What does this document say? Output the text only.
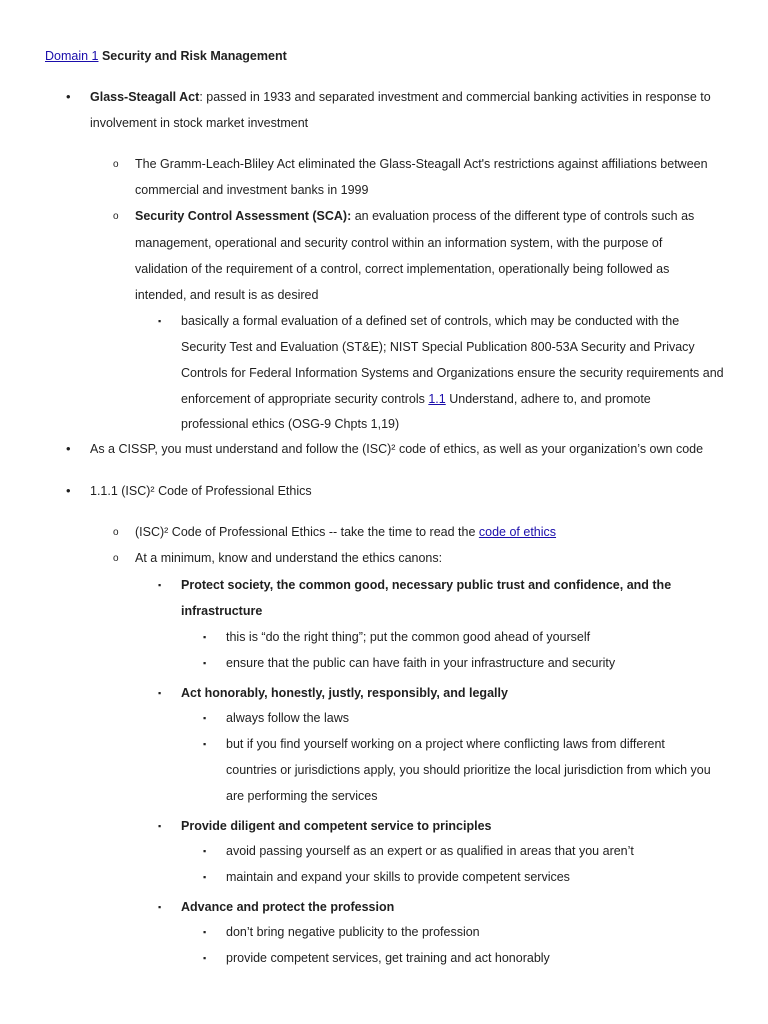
Domain 1 Security and Risk Management
• Glass-Steagall Act: passed in 1933 and separated investment and commercial banking activities in response to
involvement in stock market investment
o The Gramm-Leach-Bliley Act eliminated the Glass-Steagall Act's restrictions against affiliations between
commercial and investment banks in 1999
o Security Control Assessment (SCA): an evaluation process of the different type of controls such as
management, operational and security control within an information system, with the purpose of
validation of the requirement of a control, correct implementation, operationally being followed as
intended, and result is as desired
▪ basically a formal evaluation of a defined set of controls, which may be conducted with the
Security Test and Evaluation (ST&E); NIST Special Publication 800-53A Security and Privacy
Controls for Federal Information Systems and Organizations ensure the security requirements and
enforcement of appropriate security controls 1.1 Understand, adhere to, and promote
professional ethics (OSG-9 Chpts 1,19)
• As a CISSP, you must understand and follow the (ISC)² code of ethics, as well as your organization’s own code
• 1.1.1 (ISC)² Code of Professional Ethics
o (ISC)² Code of Professional Ethics -- take the time to read the code of ethics
o At a minimum, know and understand the ethics canons:
▪ Protect society, the common good, necessary public trust and confidence, and the
infrastructure
▪ this is “do the right thing”; put the common good ahead of yourself
▪ ensure that the public can have faith in your infrastructure and security
▪ Act honorably, honestly, justly, responsibly, and legally
▪ always follow the laws
▪ but if you find yourself working on a project where conflicting laws from different
countries or jurisdictions apply, you should prioritize the local jurisdiction from which you
are performing the services
▪ Provide diligent and competent service to principles
▪ avoid passing yourself as an expert or as qualified in areas that you aren’t
▪ maintain and expand your skills to provide competent services
▪ Advance and protect the profession
▪ don’t bring negative publicity to the profession
▪ provide competent services, get training and act honorably
